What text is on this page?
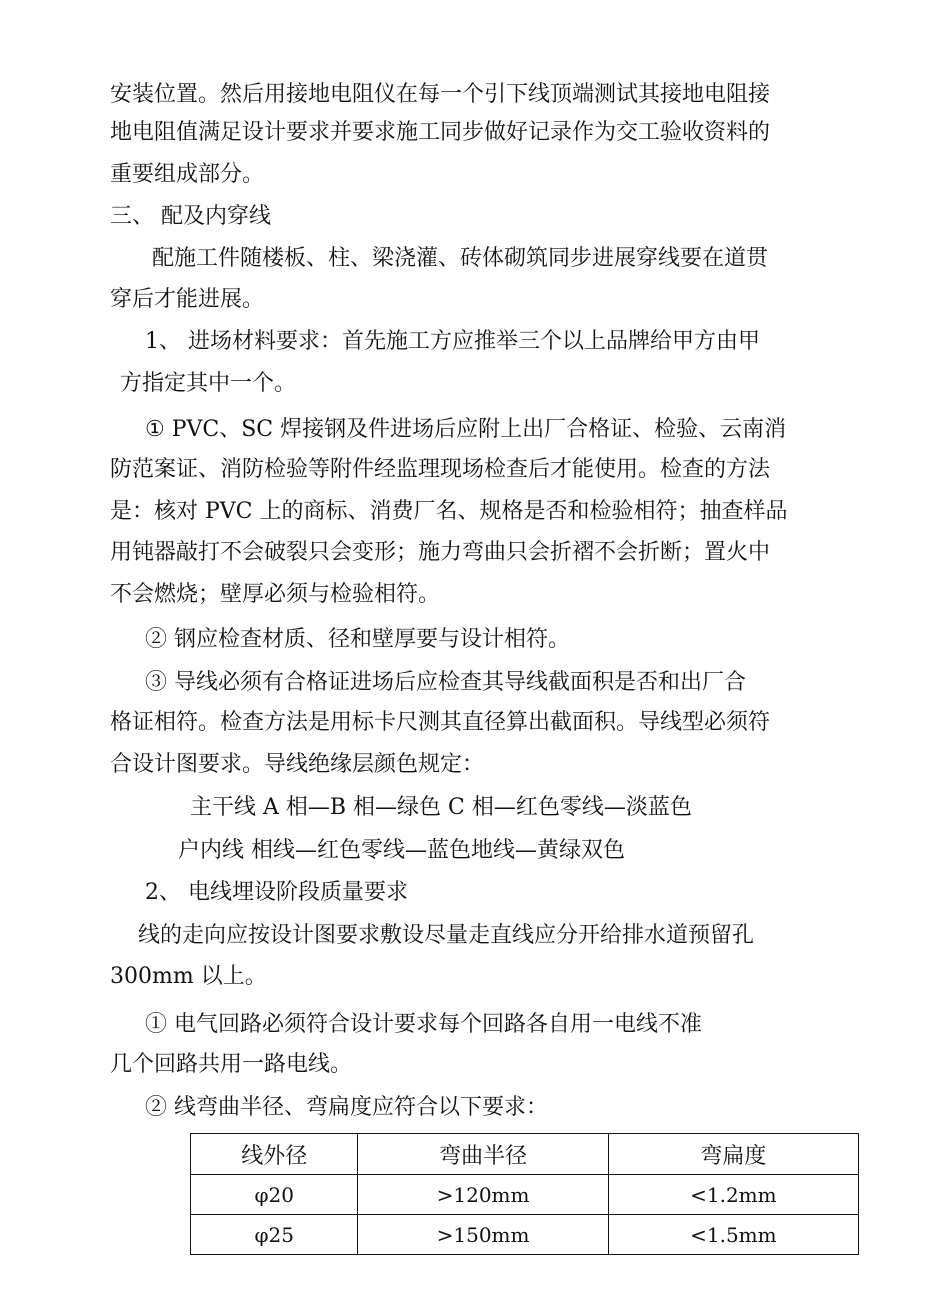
安装位置。然后用接地电阻仪在每一个引下线顶端测试其接地电阻接
地电阻值满足设计要求并要求施工同步做好记录作为交工验收资料的
重要组成部分。
三、 配及内穿线
配施工件随楼板、柱、梁浇灌、砖体砌筑同步进展穿线要在道贯
穿后才能进展。
1、 进场材料要求：首先施工方应推举三个以上品牌给甲方由甲
方指定其中一个。
① PVC、SC 焊接钢及件进场后应附上出厂合格证、检验、云南消
防范案证、消防检验等附件经监理现场检查后才能使用。检查的方法
是：核对 PVC 上的商标、消费厂名、规格是否和检验相符；抽查样品
用钝器敲打不会破裂只会变形；施力弯曲只会折褶不会折断；置火中
不会燃烧；壁厚必须与检验相符。
② 钢应检查材质、径和壁厚要与设计相符。
③ 导线必须有合格证进场后应检查其导线截面积是否和出厂合
格证相符。检查方法是用标卡尺测其直径算出截面积。导线型必须符
合设计图要求。导线绝缘层颜色规定：
主干线 A 相—B 相—绿色 C 相—红色零线—淡蓝色
户内线 相线—红色零线—蓝色地线—黄绿双色
2、 电线埋设阶段质量要求
线的走向应按设计图要求敷设尽量走直线应分开给排水道预留孔
300mm 以上。
① 电气回路必须符合设计要求每个回路各自用一电线不准
几个回路共用一路电线。
② 线弯曲半径、弯扁度应符合以下要求：
线外径	弯曲半径	弯扁度
φ20	>120mm	<1.2mm
φ25	>150mm	<1.5mm
